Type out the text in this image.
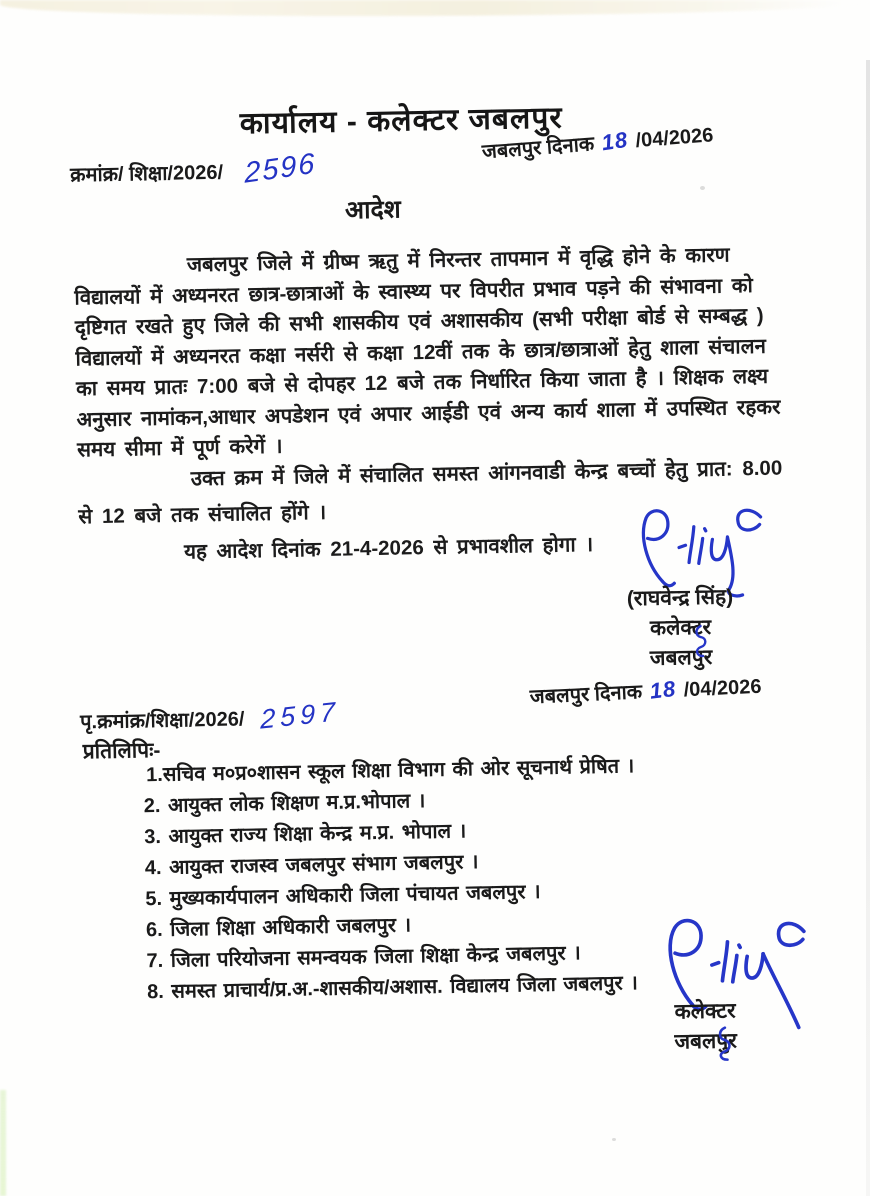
कार्यालय - कलेक्टर जबलपुर
क्रमांक्र/ शिक्षा/2026/ 2596	जबलपुर दिनाक 18 /04/2026
आदेश
जबलपुर जिले में ग्रीष्म ऋतु में निरन्तर तापमान में वृद्धि होने के कारण
विद्यालयों में अध्यनरत छात्र-छात्राओं के स्वास्थ्य पर विपरीत प्रभाव पड़ने की संभावना को
दृष्टिगत रखते हुए जिले की सभी शासकीय एवं अशासकीय (सभी परीक्षा बोर्ड से सम्बद्ध )
विद्यालयों में अध्यनरत कक्षा नर्सरी से कक्षा 12वीं तक के छात्र/छात्राओं हेतु शाला संचालन
का समय प्रातः 7:00 बजे से दोपहर 12 बजे तक निर्धारित किया जाता है । शिक्षक लक्ष्य
अनुसार नामांकन,आधार अपडेशन एवं अपार आईडी एवं अन्य कार्य शाला में उपस्थित रहकर
समय सीमा में पूर्ण करेगें ।
उक्त क्रम में जिले में संचालित समस्त आंगनवाडी केन्द्र बच्चों हेतु प्रात: 8.00
से 12 बजे तक संचालित होंगे ।
यह आदेश दिनांक 21-4-2026 से प्रभावशील होगा ।
(राघवेन्द्र सिंह)
कलेक्टर
जबलपुर
जबलपुर दिनाक 18 /04/2026
पृ.क्रमांक्र/शिक्षा/2026/ 2597
प्रतिलिपिः-
1.सचिव म०प्र०शासन स्कूल शिक्षा विभाग की ओर सूचनार्थ प्रेषित ।
2. आयुक्त लोक शिक्षण म.प्र.भोपाल ।
3. आयुक्त राज्य शिक्षा केन्द्र म.प्र. भोपाल ।
4. आयुक्त राजस्व जबलपुर संभाग जबलपुर ।
5. मुख्यकार्यपालन अधिकारी जिला पंचायत जबलपुर ।
6. जिला शिक्षा अधिकारी जबलपुर ।
7. जिला परियोजना समन्वयक जिला शिक्षा केन्द्र जबलपुर ।
8. समस्त प्राचार्य/प्र.अ.-शासकीय/अशास. विद्यालय जिला जबलपुर ।
कलेक्टर
जबलपुर
